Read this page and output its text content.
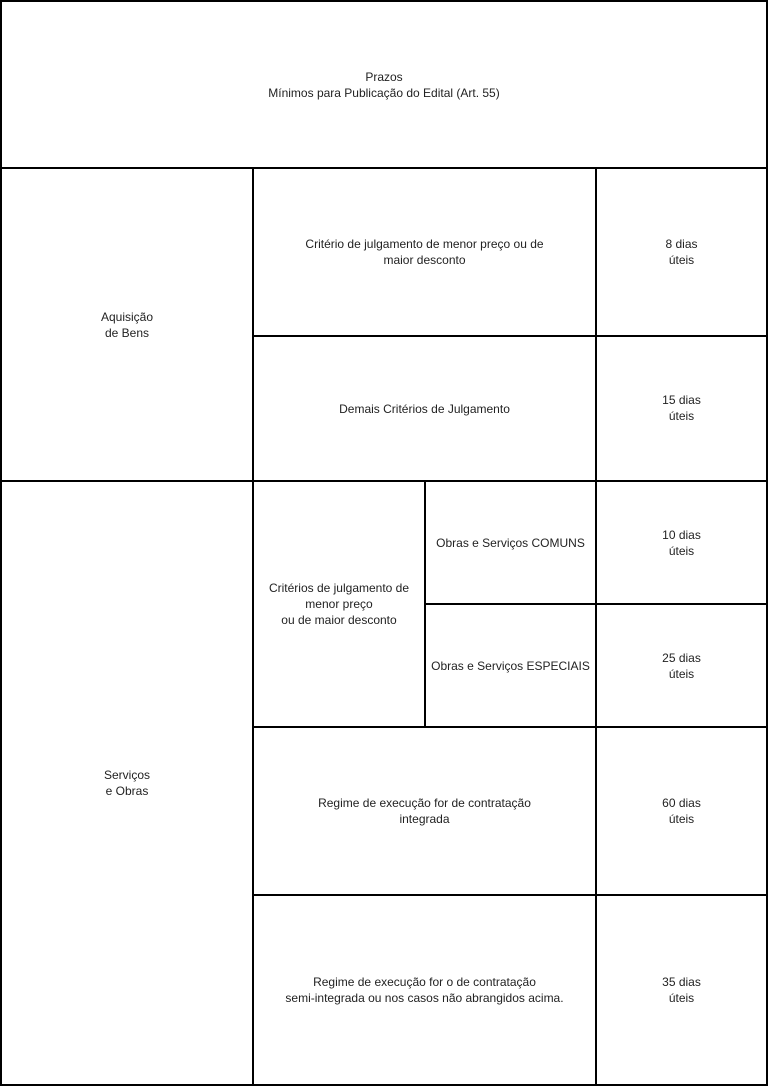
Prazos
Mínimos para Publicação do Edital (Art. 55)
Aquisição
de Bens
Critério de julgamento de menor preço ou de
maior desconto
8 dias
úteis
Demais Critérios de Julgamento
15 dias
úteis
Serviços
e Obras
Critérios de julgamento de
menor preço
ou de maior desconto
Obras e Serviços COMUNS
10 dias
úteis
Obras e Serviços ESPECIAIS
25 dias
úteis
Regime de execução for de contratação
integrada
60 dias
úteis
Regime de execução for o de contratação
semi-integrada ou nos casos não abrangidos acima.
35 dias
úteis
